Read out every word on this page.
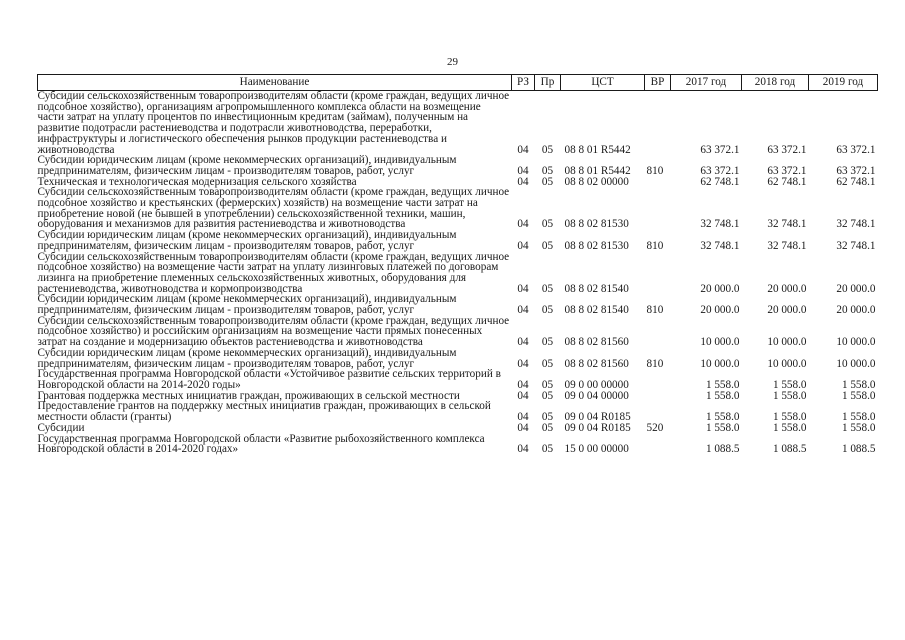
29
Наименование	РЗ	Пр	ЦСТ	ВР	2017 год	2018 год	2019 год
Субсидии сельскохозяйственным товаропроизводителям области (кроме граждан, ведущих личное подсобное хозяйство), организациям агропромышленного комплекса области на возмещение части затрат на уплату процентов по инвестиционным кредитам (займам), полученным на развитие подотрасли растениеводства и подотрасли животноводства, переработки, инфраструктуры и логистического обеспечения рынков продукции растениеводства и животноводства	04	05	08 8 01 R5442		63 372.1	63 372.1	63 372.1
Субсидии юридическим лицам (кроме некоммерческих организаций), индивидуальным предпринимателям, физическим лицам - производителям товаров, работ, услуг	04	05	08 8 01 R5442	810	63 372.1	63 372.1	63 372.1
Техническая и технологическая модернизация сельского хозяйства	04	05	08 8 02 00000		62 748.1	62 748.1	62 748.1
Субсидии сельскохозяйственным товаропроизводителям области (кроме граждан, ведущих личное подсобное хозяйство и крестьянских (фермерских) хозяйств) на возмещение части затрат на приобретение новой (не бывшей в употреблении) сельскохозяйственной техники, машин, оборудования и механизмов для развития растениеводства и животноводства	04	05	08 8 02 81530		32 748.1	32 748.1	32 748.1
Субсидии юридическим лицам (кроме некоммерческих организаций), индивидуальным предпринимателям, физическим лицам - производителям товаров, работ, услуг	04	05	08 8 02 81530	810	32 748.1	32 748.1	32 748.1
Субсидии сельскохозяйственным товаропроизводителям области (кроме граждан, ведущих личное подсобное хозяйство) на возмещение части затрат на уплату лизинговых платежей по договорам лизинга на приобретение племенных сельскохозяйственных животных, оборудования для растениеводства, животноводства и кормопроизводства	04	05	08 8 02 81540		20 000.0	20 000.0	20 000.0
Субсидии юридическим лицам (кроме некоммерческих организаций), индивидуальным предпринимателям, физическим лицам - производителям товаров, работ, услуг	04	05	08 8 02 81540	810	20 000.0	20 000.0	20 000.0
Субсидии сельскохозяйственным товаропроизводителям области (кроме граждан, ведущих личное подсобное хозяйство) и российским организациям на возмещение части прямых понесенных затрат на создание и модернизацию объектов растениеводства и животноводства	04	05	08 8 02 81560		10 000.0	10 000.0	10 000.0
Субсидии юридическим лицам (кроме некоммерческих организаций), индивидуальным предпринимателям, физическим лицам - производителям товаров, работ, услуг	04	05	08 8 02 81560	810	10 000.0	10 000.0	10 000.0
Государственная программа Новгородской области «Устойчивое развитие сельских территорий в Новгородской области на 2014-2020 годы»	04	05	09 0 00 00000		1 558.0	1 558.0	1 558.0
Грантовая поддержка местных инициатив граждан, проживающих в сельской местности	04	05	09 0 04 00000		1 558.0	1 558.0	1 558.0
Предоставление грантов на поддержку местных инициатив граждан, проживающих в сельской местности области (гранты)	04	05	09 0 04 R0185		1 558.0	1 558.0	1 558.0
Субсидии	04	05	09 0 04 R0185	520	1 558.0	1 558.0	1 558.0
Государственная программа Новгородской области «Развитие рыбохозяйственного комплекса Новгородской области в 2014-2020 годах»	04	05	15 0 00 00000		1 088.5	1 088.5	1 088.5
